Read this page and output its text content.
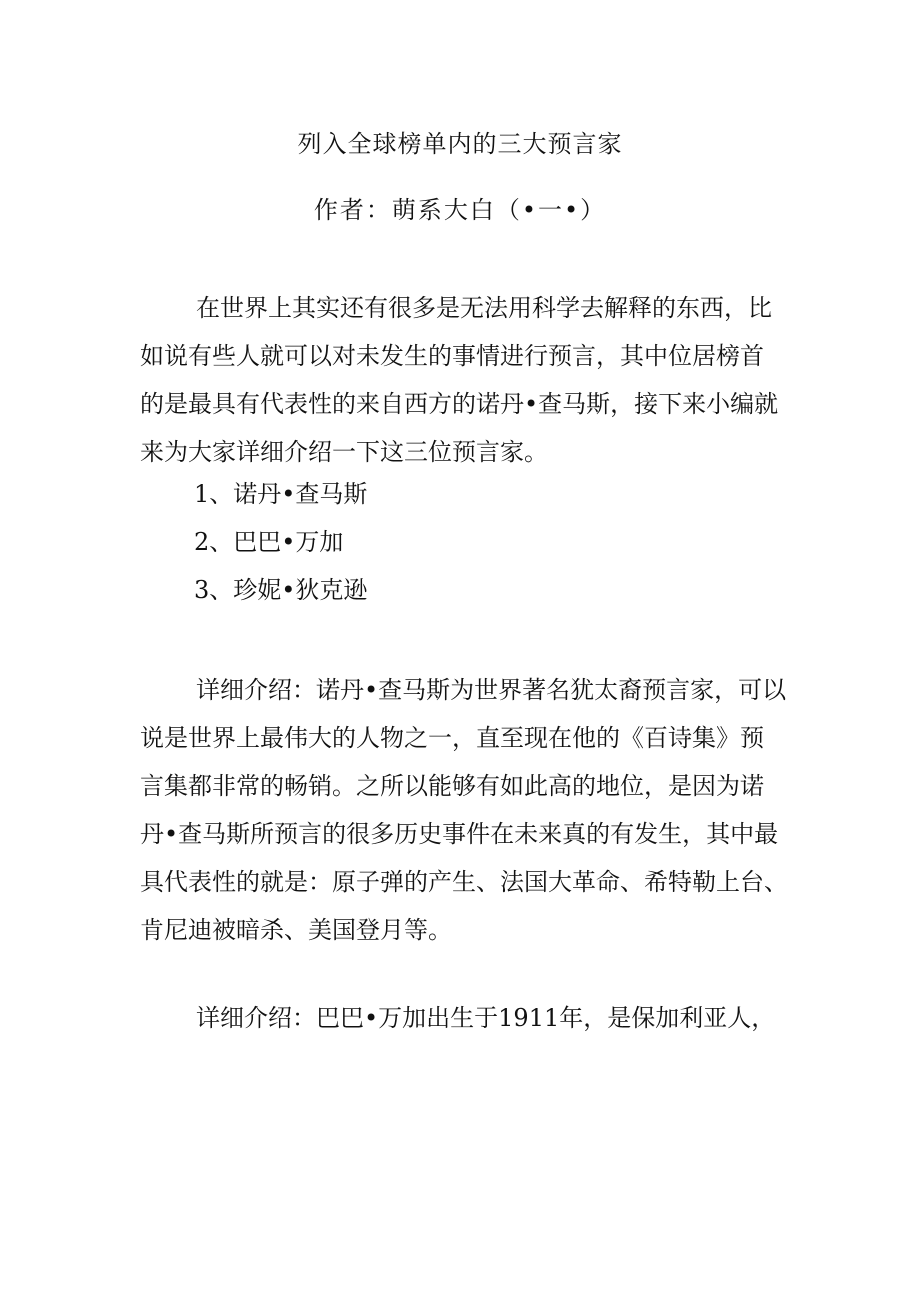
列入全球榜单内的三大预言家
作者：萌系大白（•一•）

在世界上其实还有很多是无法用科学去解释的东西，比
如说有些人就可以对未发生的事情进行预言，其中位居榜首
的是最具有代表性的来自西方的诺丹•查马斯，接下来小编就
来为大家详细介绍一下这三位预言家。

1、诺丹•查马斯
2、巴巴•万加
3、珍妮•狄克逊

详细介绍：诺丹•查马斯为世界著名犹太裔预言家，可以
说是世界上最伟大的人物之一，直至现在他的《百诗集》预
言集都非常的畅销。之所以能够有如此高的地位，是因为诺
丹•查马斯所预言的很多历史事件在未来真的有发生，其中最
具代表性的就是：原子弹的产生、法国大革命、希特勒上台、
肯尼迪被暗杀、美国登月等。

详细介绍：巴巴•万加出生于1911年，是保加利亚人，
